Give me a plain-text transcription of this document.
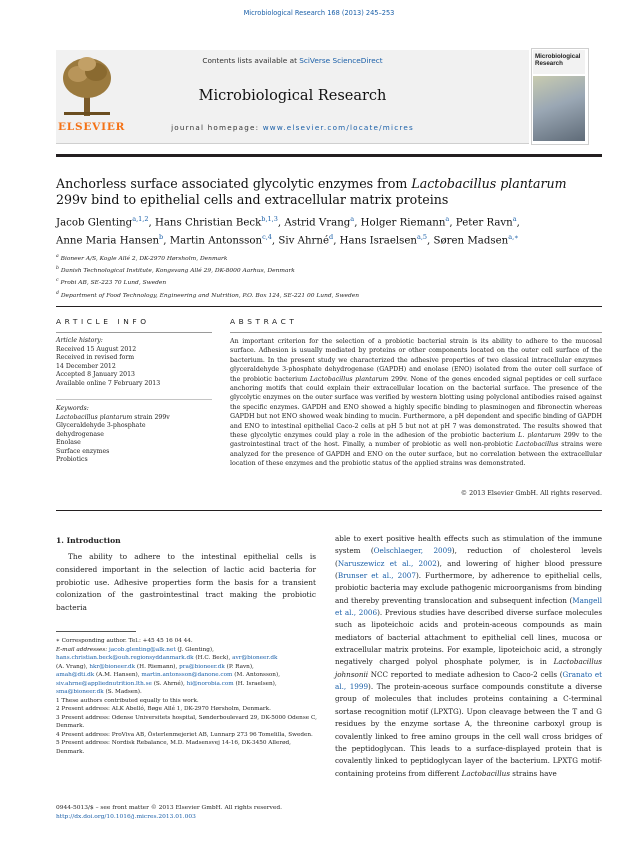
Microbiological Research 168 (2013) 245–253
ELSEVIER
Contents lists available at SciVerse ScienceDirect
Microbiological Research
journal homepage: www.elsevier.com/locate/micres
Microbiological
Research
Anchorless surface associated glycolytic enzymes from Lactobacillus plantarum
299v bind to epithelial cells and extracellular matrix proteins
Jacob Glenting$^{a,1,2}$, Hans Christian Beck$^{b,1,3}$, Astrid Vrang$^a$, Holger Riemann$^a$, Peter Ravn$^a$,
Anne Maria Hansen$^b$, Martin Antonsson$^{c,4}$, Siv Ahrné$^d$, Hans Israelsen$^{a,5}$, Søren Madsen$^{a,∗}$
$^a$ Bioneer A/S, Kogle Allé 2, DK-2970 Hørsholm, Denmark
$^b$ Danish Technological Institute, Kongsvang Allé 29, DK-8000 Aarhus, Denmark
$^c$ Probi AB, SE-223 70 Lund, Sweden
$^d$ Department of Food Technology, Engineering and Nutrition, P.O. Box 124, SE-221 00 Lund, Sweden
ARTICLE INFO	ABSTRACT
Article history:
Received 15 August 2012
Received in revised form
14 December 2012
Accepted 8 January 2013
Available online 7 February 2013
Keywords:
Lactobacillus plantarum strain 299v
Glyceraldehyde 3-phosphate
dehydrogenase
Enolase
Surface enzymes
Probiotics
An important criterion for the selection of a probiotic bacterial strain is its ability to adhere to the mucosal surface. Adhesion is usually mediated by proteins or other components located on the outer cell surface of the bacterium. In the present study we characterized the adhesive properties of two classical intracellular enzymes glyceraldehyde 3-phosphate dehydrogenase (GAPDH) and enolase (ENO) isolated from the outer cell surface of the probiotic bacterium Lactobacillus plantarum 299v. None of the genes encoded signal peptides or cell surface anchoring motifs that could explain their extracellular location on the bacterial surface. The presence of the glycolytic enzymes on the outer surface was verified by western blotting using polyclonal antibodies raised against the specific enzymes. GAPDH and ENO showed a highly specific binding to plasminogen and fibronectin whereas GAPDH but not ENO showed weak binding to mucin. Furthermore, a pH dependent and specific binding of GAPDH and ENO to intestinal epithelial Caco-2 cells at pH 5 but not at pH 7 was demonstrated. The results showed that these glycolytic enzymes could play a role in the adhesion of the probiotic bacterium L. plantarum 299v to the gastrointestinal tract of the host. Finally, a number of probiotic as well non-probiotic Lactobacillus strains were analyzed for the presence of GAPDH and ENO on the outer surface, but no correlation between the extracellular location of these enzymes and the probiotic status of the applied strains was demonstrated.
© 2013 Elsevier GmbH. All rights reserved.
1. Introduction
The ability to adhere to the intestinal epithelial cells is considered important in the selection of lactic acid bacteria for probiotic use. Adhesive properties form the basis for a transient colonization of the gastrointestinal tract making the probiotic bacteria

∗ Corresponding author. Tel.: +45 45 16 04 44.

E-mail addresses: jacob.glenting@alk.net (J. Glenting),
hans.christian.beck@ouh.regionsyddanmark.dk (H.C. Beck), avr@bioneer.dk
(A. Vrang), hkr@bioneer.dk (H. Riemann), pra@bioneer.dk (P. Ravn),
amah@dti.dk (A.M. Hansen), martin.antonsson@danone.com (M. Antonsson),
siv.ahrne@appliednutrition.lth.se (S. Ahrné), hi@norobia.com (H. Israelsen),
sma@bioneer.dk (S. Madsen).

1 These authors contributed equally to this work.

2 Present address: ALK Abelló, Bøge Allé 1, DK-2970 Hørsholm, Denmark.

3 Present address: Odense Universitets hospital, Sønderboulevard 29, DK-5000 Odense C, Denmark.

4 Present address: ProViva AB, Österlenmejeriet AB, Lunnarp 273 96 Tomelilla, Sweden.

5 Present address: Nordisk Rebalance, M.D. Madsensvej 14-16, DK-3450 Allerød, Denmark.

0944-5013/$ – see front matter © 2013 Elsevier GmbH. All rights reserved.
http://dx.doi.org/10.1016/j.micres.2013.01.003
able to exert positive health effects such as stimulation of the immune system (Oelschlaeger, 2009), reduction of cholesterol levels (Naruszewicz et al., 2002), and lowering of higher blood pressure (Brunser et al., 2007). Furthermore, by adherence to epithelial cells, probiotic bacteria may exclude pathogenic microorganisms from binding and thereby preventing translocation and subsequent infection (Mangell et al., 2006). Previous studies have described diverse surface molecules such as lipoteichoic acids and protein-aceous compounds as main mediators of bacterial attachment to epithelial cell lines, mucosa or extracellular matrix proteins. For example, lipoteichoic acid, a strongly negatively charged polyol phosphate polymer, is in Lactobacillus johnsonii NCC reported to mediate adhesion to Caco-2 cells (Granato et al., 1999). The protein-aceous surface compounds constitute a diverse group of molecules that includes proteins containing a C-terminal sortase recognition motif (LPXTG). Upon cleavage between the T and G residues by the enzyme sortase A, the threonine carboxyl group is covalently linked to free amino groups in the cell wall cross bridges of the peptidoglycan. This leads to a surface-displayed protein that is covalently linked to peptidoglycan layer of the bacterium. LPXTG motif-containing proteins from different Lactobacillus strains have
